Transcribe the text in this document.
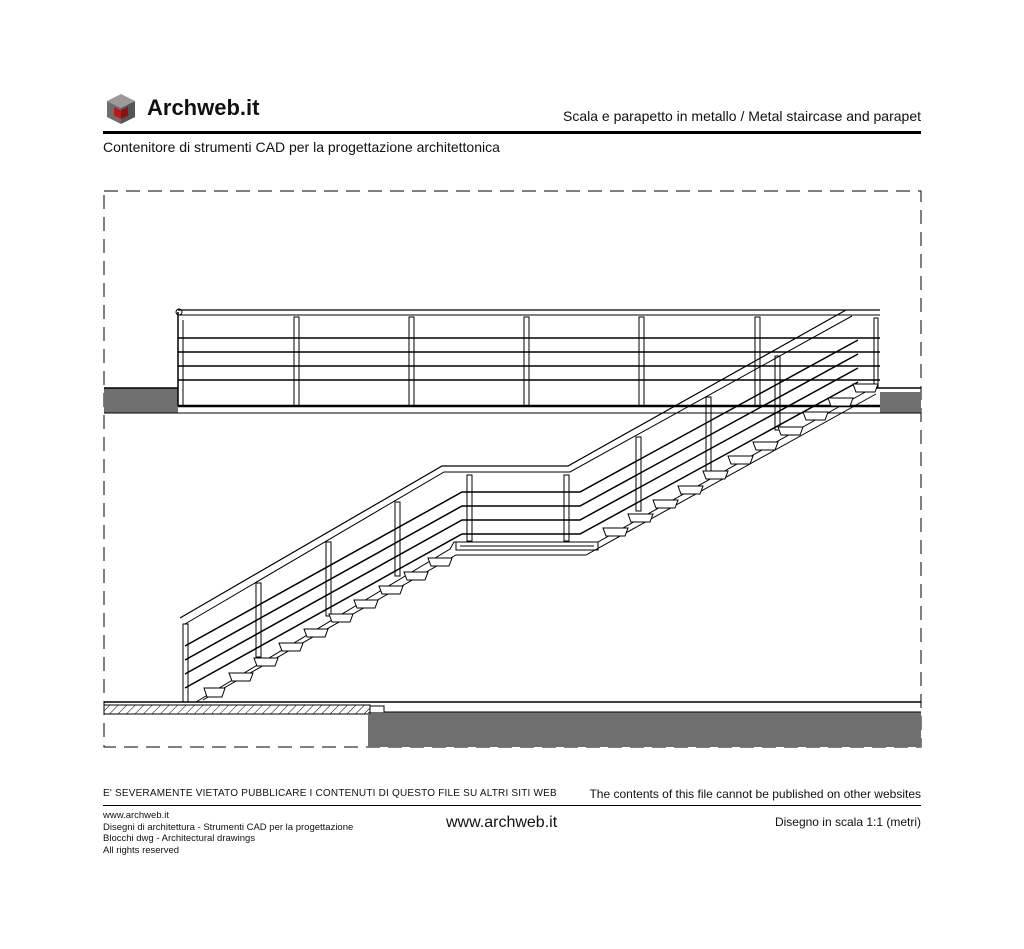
Archweb.it	Scala e parapetto in metallo / Metal staircase and parapet
Contenitore di strumenti CAD per la progettazione architettonica
E' SEVERAMENTE VIETATO PUBBLICARE I CONTENUTI DI QUESTO FILE SU ALTRI SITI WEB	The contents of this file cannot be published on other websites
www.archweb.it
Disegni di architettura - Strumenti CAD per la progettazione
Blocchi dwg - Architectural drawings
All rights reserved
www.archweb.it	Disegno in scala 1:1 (metri)
